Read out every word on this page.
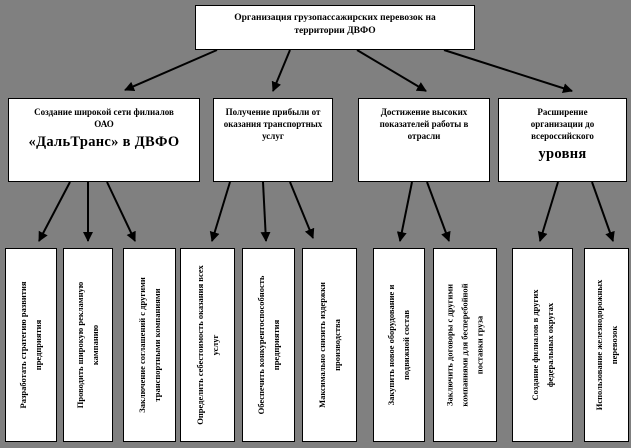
Организация грузопассажирских перевозок на территории ДВФО
Создание широкой сети филиалов ОАО
«ДальТранс» в ДВФО
Получение прибыли от оказания транспортных услуг
Достижение высоких показателей работы в отрасли
Расширение организации до всероссийского
уровня
Разработать стратегию развития предприятия	Проводить широкую рекламную кампанию	Заключение соглашений с другими транспортными компаниями	Определить себестоимость оказания всех услуг	Обеспечить конкурентоспособность предприятия	Максимально снизить издержки производства	Закупить новое оборудование и подвижной состав	Заключить договоры с другими компаниями для бесперебойной поставки груза	Создание филиалов в других федеральных округах	Использование железнодорожных перевозок
